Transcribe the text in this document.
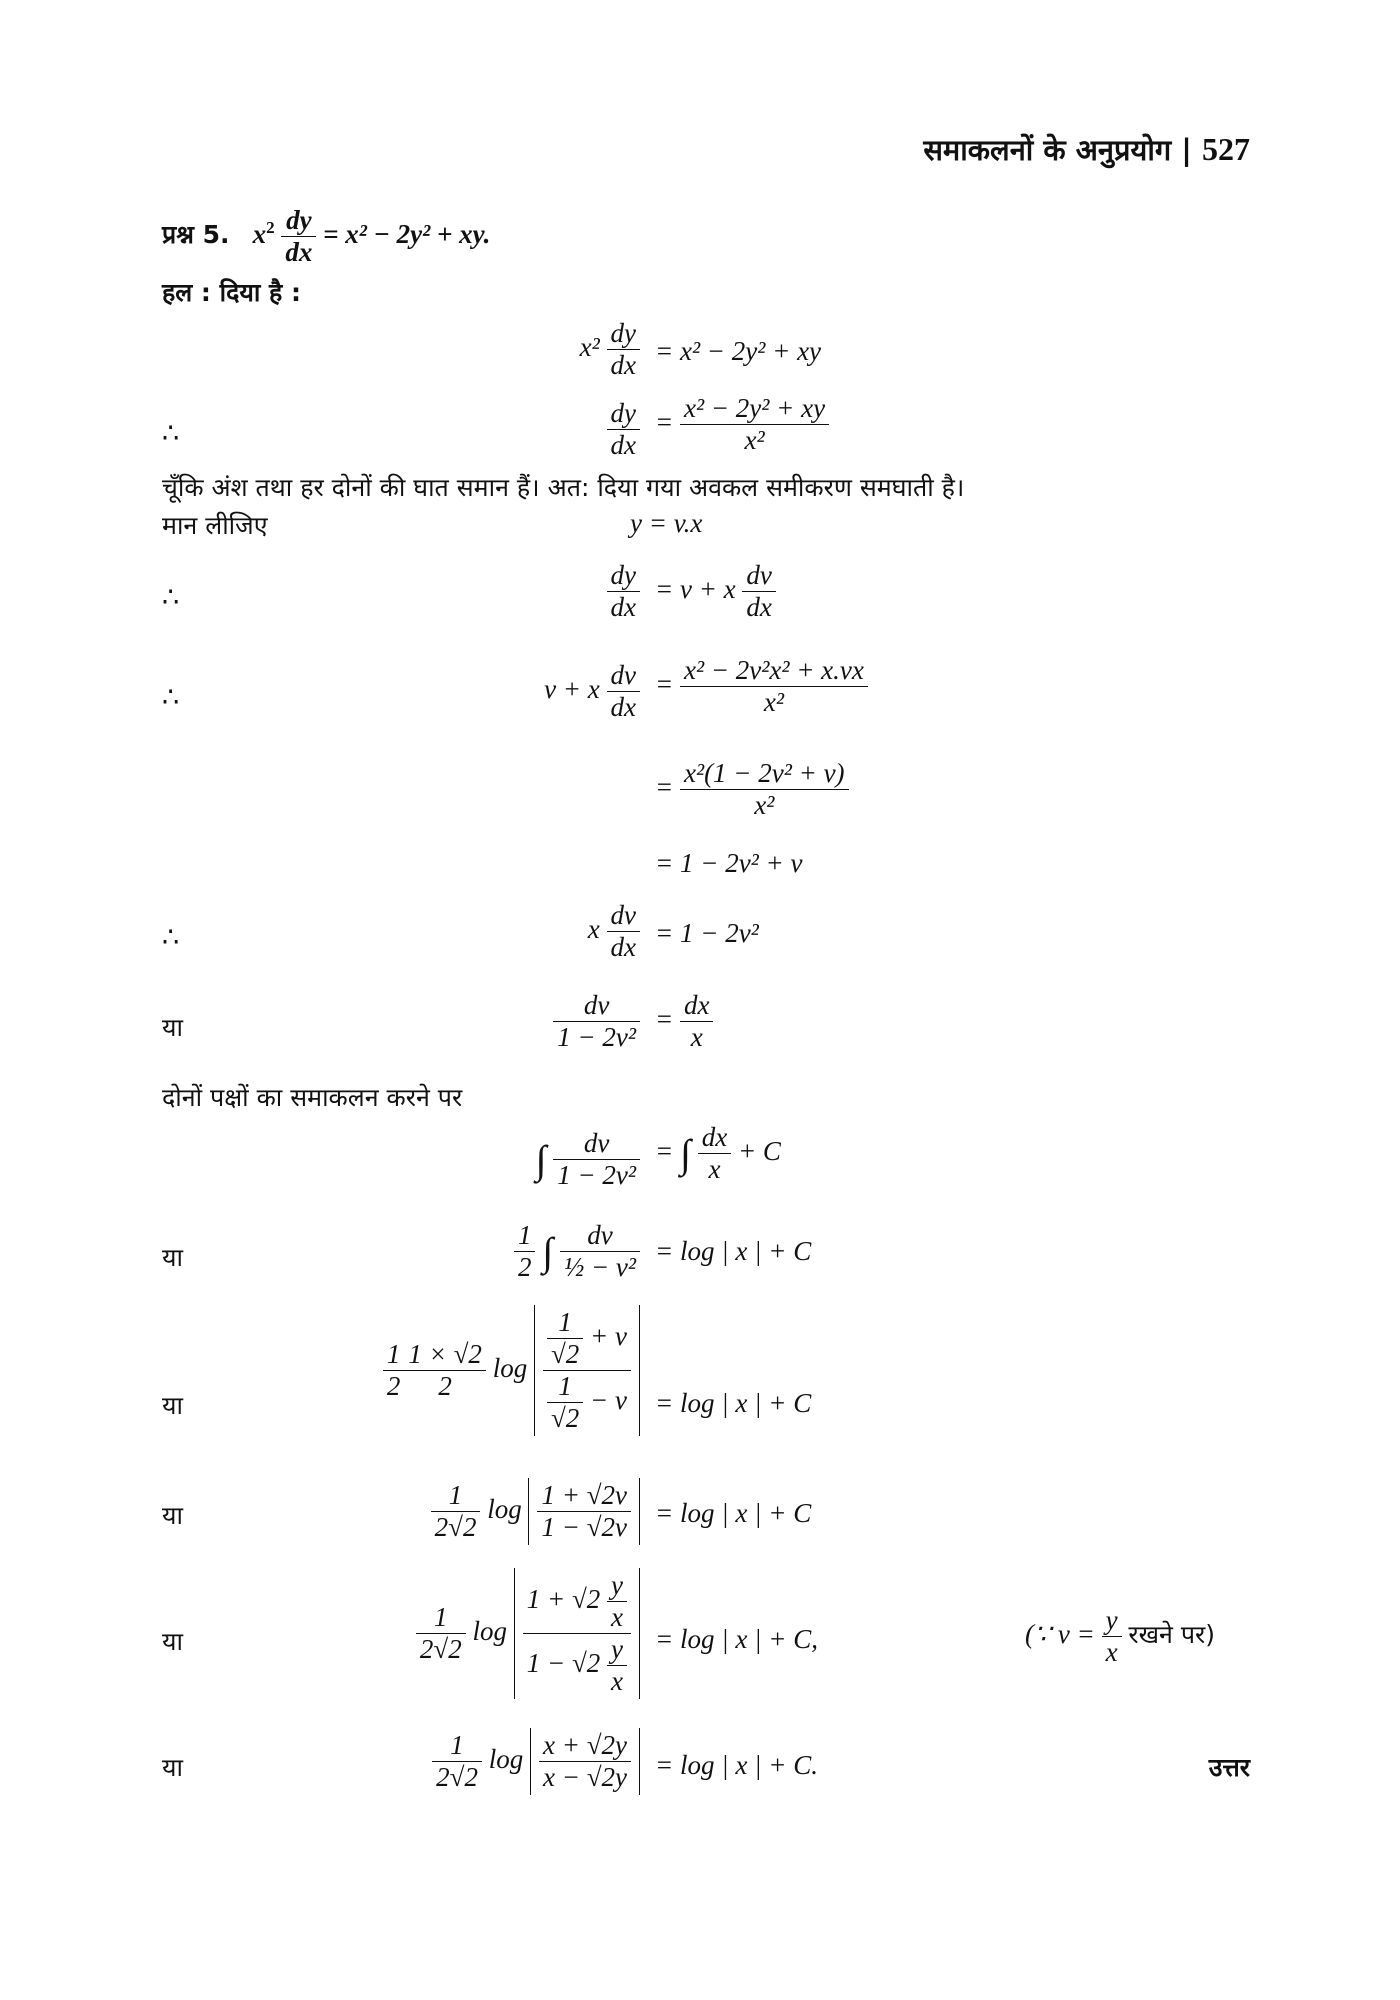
समाकलनों के अनुप्रयोग | 527
प्रश्न 5. $x^2 \frac{dy}{dx} = x^2 - 2y^2$ + xy.
हल : दिया है :
$x^2 \frac{dy}{dx} = x^2 - 2y^2$ + xy
∴	$\frac{dy}{dx} = \frac{\text{x² − 2y² + xy}}{\text{x²}}$
चूँकि अंश तथा हर दोनों की घात समान हैं। अत: दिया गया अवकल समीकरण समघाती है।
मान लीजिए	y = v.x
∴	$\frac{dy}{dx} = v + x \frac{dv}{dx}$
∴	v + x $\frac{dv}{dx} = \frac{\text{x² − 2v²x² + x.vx}}{\text{x²}}$
= $\frac{\text{x²(1 − 2v² + v)}}{\text{x²}}$
= 1 − 2v² + v
∴	x $\frac{dv}{dx} = 1 - 2v^2$
या	$\frac{dv}{\text{1 − 2v²}} = \frac{dx}{x}$
दोनों पक्षों का समाकलन करने पर
∫ $\frac{dv}{\text{1 − 2v²}}$ = ∫ $\frac{dx}{x} + C$
या	$\frac{1}{2}$ ∫ $\frac{dv}{\text{½ − v²}} = \log$ | x | + C
या
$\frac{1}{2} \frac{1 \times √2}{2}$ $\log \frac{\frac{1}{√2} + v}{\frac{1}{√2} - v} = \log$ | x | + C
या	$\frac{1}{2√2}$ $\log \frac{1 + √2v}{1 - √2v} = \log$ | x | + C
या	$\frac{1}{2√2}$ $\log \frac{1 + √2 \frac{y}{x}}{1 - √2 \frac{y}{x}} = \log$ | x | + C,	(∵ $v = \frac{y}{x}$ रखने पर)
या	$\frac{1}{2√2}$ $\log \frac{x + √2y}{x - √2y} = \log$ | x | + C.	उत्तर
